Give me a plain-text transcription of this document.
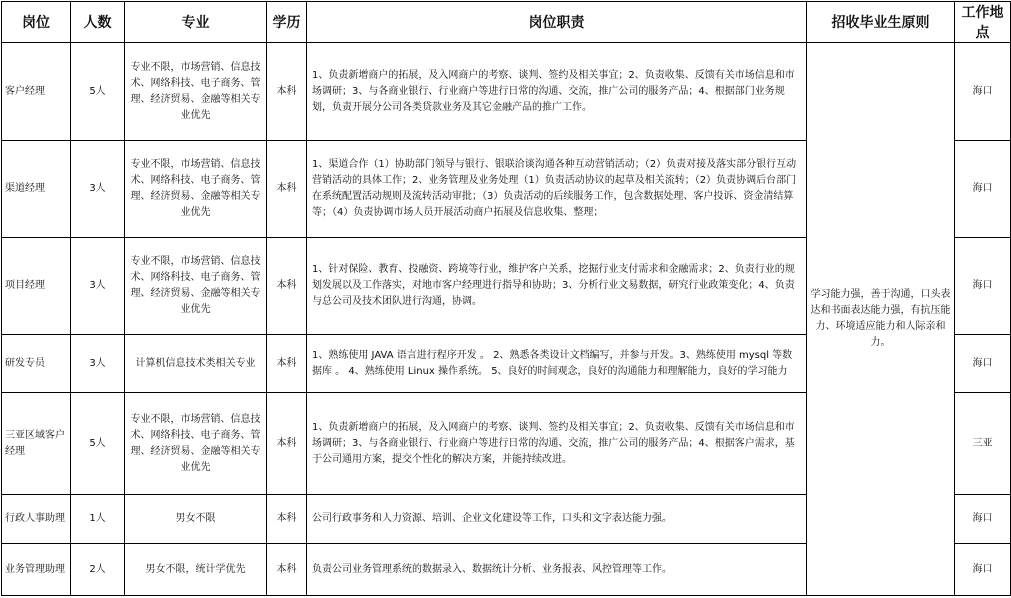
岗位	人数	专业	学历	岗位职责	招收毕业生原则	工作地点
客户经理	5人	专业不限，市场营销、信息技术、网络科技、电子商务、管理、经济贸易、金融等相关专业优先	本科	1、负责新增商户的拓展，及入网商户的考察、谈判、签约及相关事宜；2、负责收集、反馈有关市场信息和市场调研；3、与各商业银行、行业商户等进行日常的沟通、交流，推广公司的服务产品；4、根据部门业务规划，负责开展分公司各类贷款业务及其它金融产品的推广工作。	学习能力强，善于沟通，口头表达和书面表达能力强，有抗压能力、环境适应能力和人际亲和力。	海口
渠道经理	3人	专业不限，市场营销、信息技术、网络科技、电子商务、管理、经济贸易、金融等相关专业优先	本科	1、渠道合作（1）协助部门领导与银行、银联洽谈沟通各种互动营销活动；（2）负责对接及落实部分银行互动营销活动的具体工作；2、业务管理及业务处理（1）负责活动协议的起草及相关流转；（2）负责协调后台部门在系统配置活动规则及流转活动审批；（3）负责活动的后续服务工作，包含数据处理、客户投诉、资金清结算等；（4）负责协调市场人员开展活动商户拓展及信息收集、整理；		海口
项目经理	3人	专业不限，市场营销、信息技术、网络科技、电子商务、管理、经济贸易、金融等相关专业优先	本科	1、针对保险、教育、投融资、跨境等行业，维护客户关系，挖掘行业支付需求和金融需求；2、负责行业的规划发展以及工作落实，对地市客户经理进行指导和协助；3、分析行业文易数据，研究行业政策变化；4、负责与总公司及技术团队进行沟通，协调。		海口
研发专员	3人	计算机信息技术类相关专业	本科	1、熟练使用 JAVA 语言进行程序开发 。 2、熟悉各类设计文档编写，并参与开发。3、熟练使用 mysql 等数据库 。 4、熟练使用 Linux 操作系统。 5、良好的时间观念，良好的沟通能力和理解能力，良好的学习能力		海口
三亚区域客户经理	5人	专业不限，市场营销、信息技术、网络科技、电子商务、管理、经济贸易、金融等相关专业优先	本科	1、负责新增商户的拓展，及入网商户的考察、谈判、签约及相关事宜；2、负责收集、反馈有关市场信息和市场调研；3、与各商业银行、行业商户等进行日常的沟通、交流，推广公司的服务产品；4、根据客户需求，基于公司通用方案，提交个性化的解决方案，并能持续改进。		三亚
行政人事助理	1人	男女不限	本科	公司行政事务和人力资源、培训、企业文化建设等工作，口头和文字表达能力强。		海口
业务管理助理	2人	男女不限，统计学优先	本科	负责公司业务管理系统的数据录入、数据统计分析、业务报表、风控管理等工作。		海口
